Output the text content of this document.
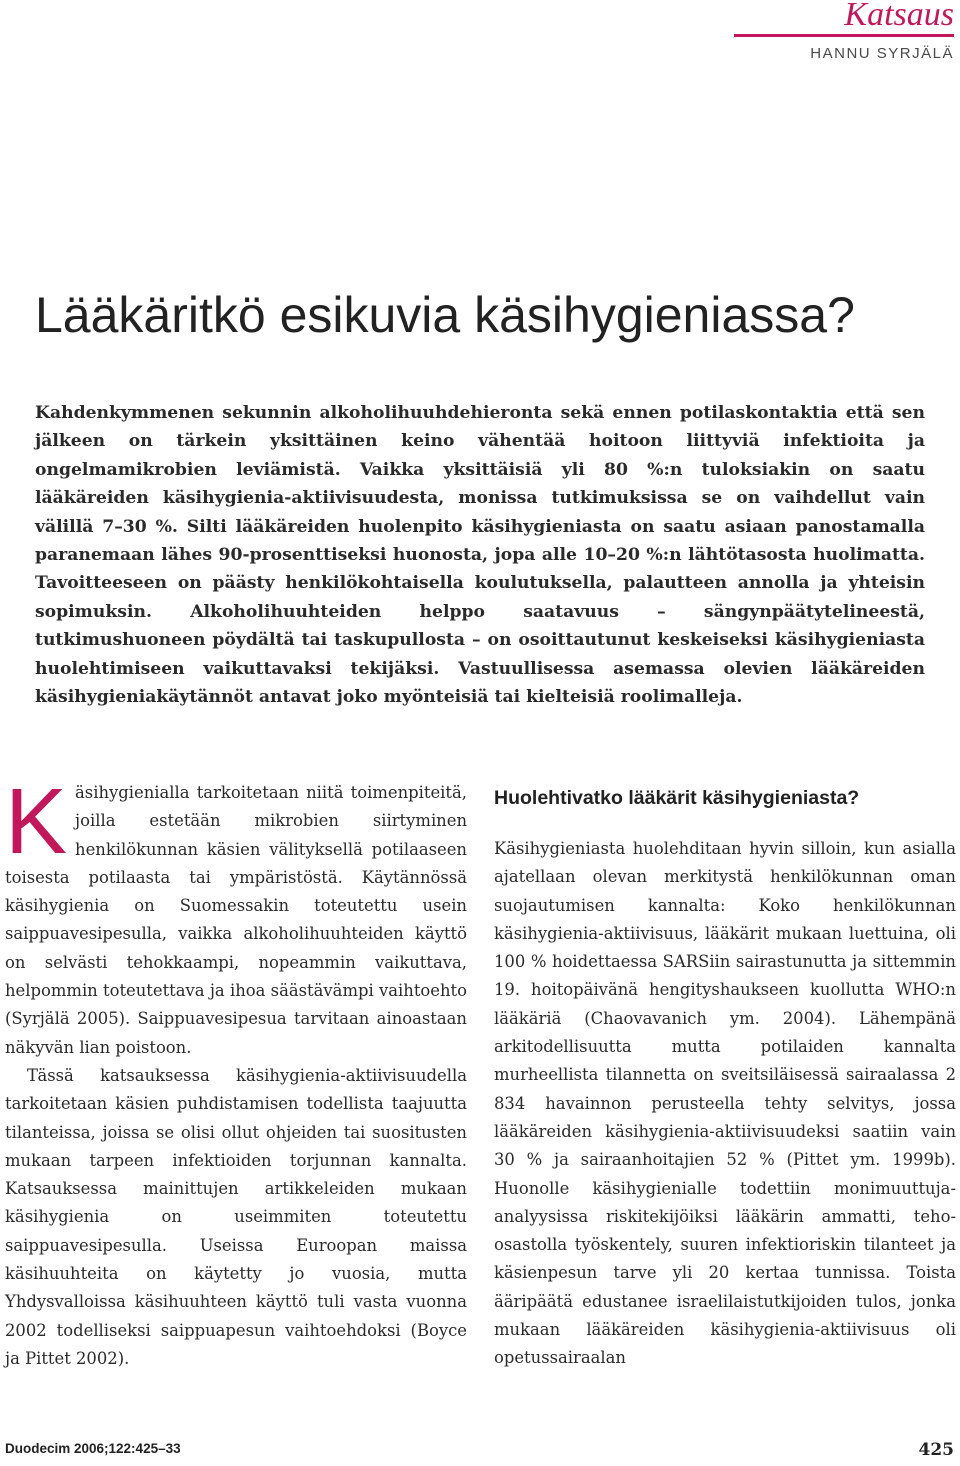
Katsaus
HANNU SYRJÄLÄ
Lääkäritkö esikuvia käsihygieniassa?

Kahdenkymmenen sekunnin alkoholihuuhdehieronta sekä ennen potilaskontaktia että sen jälkeen on tärkein yksittäinen keino vähentää hoitoon liittyviä infektioita ja ongelmamikrobien leviämistä. Vaikka yksittäisiä yli 80 %:n tuloksiakin on saatu lääkäreiden käsihygienia-aktiivisuudesta, monissa tutkimuksissa se on vaihdellut vain välillä 7–30 %. Silti lääkäreiden huolenpito käsihygieniasta on saatu asiaan panostamalla paranemaan lähes 90-prosenttiseksi huonosta, jopa alle 10–20 %:n lähtötasosta huolimatta. Tavoitteeseen on päästy henkilökohtaisella koulutuksella, palautteen annolla ja yhteisin sopimuksin. Alkoholihuuhteiden helppo saatavuus – sängynpäätytelineestä, tutkimushuoneen pöydältä tai taskupullosta – on osoittautunut keskeiseksi käsihygieniasta huolehtimiseen vaikuttavaksi tekijäksi. Vastuullisessa asemassa olevien lääkäreiden käsihygieniakäytännöt antavat joko myönteisiä tai kielteisiä roolimalleja.

Käsihygienialla tarkoitetaan niitä toimenpiteitä, joilla estetään mikrobien siirtyminen henkilökunnan käsien välityksellä potilaaseen toisesta potilaasta tai ympäristöstä. Käytännössä käsihygienia on Suomessakin toteutettu usein saippuavesipesulla, vaikka alkoholihuuhteiden käyttö on selvästi tehokkaampi, nopeammin vaikuttava, helpommin toteutettava ja ihoa säästävämpi vaihtoehto (Syrjälä 2005). Saippuavesipesua tarvitaan ainoastaan näkyvän lian poistoon.

Tässä katsauksessa käsihygienia-aktiivisuudella tarkoitetaan käsien puhdistamisen todellista taajuutta tilanteissa, joissa se olisi ollut ohjeiden tai suositusten mukaan tarpeen infektioiden torjunnan kannalta. Katsauksessa mainittujen artikkeleiden mukaan käsihygienia on useimmiten toteutettu saippuavesipesulla. Useissa Euroopan maissa käsihuuhteita on käytetty jo vuosia, mutta Yhdysvalloissa käsihuuhteen käyttö tuli vasta vuonna 2002 todelliseksi saippuapesun vaihtoehdoksi (Boyce ja Pittet 2002).

Huolehtivatko lääkärit käsihygieniasta?

Käsihygieniasta huolehditaan hyvin silloin, kun asialla ajatellaan olevan merkitystä henkilökunnan oman suojautumisen kannalta: Koko henkilökunnan käsihygienia-aktiivisuus, lääkärit mukaan luettuina, oli 100 % hoidettaessa SARSiin sairastunutta ja sittemmin 19. hoitopäivänä hengityshaukseen kuollutta WHO:n lääkäriä (Chaovavanich ym. 2004). Lähempänä arkitodellisuutta mutta potilaiden kannalta murheellista tilannetta on sveitsiläisessä sairaalassa 2 834 havainnon perusteella tehty selvitys, jossa lääkäreiden käsihygienia-aktiivisuudeksi saatiin vain 30 % ja sairaanhoitajien 52 % (Pittet ym. 1999b). Huonolle käsihygienialle todettiin monimuuttuja-analyysissa riskitekijöiksi lääkärin ammatti, teho-osastolla työskentely, suuren infektioriskin tilanteet ja käsienpesun tarve yli 20 kertaa tunnissa. Toista ääripäätä edustanee israelilaistutkijoiden tulos, jonka mukaan lääkäreiden käsihygienia-aktiivisuus oli opetussairaalan

Duodecim 2006;122:425–33	425
